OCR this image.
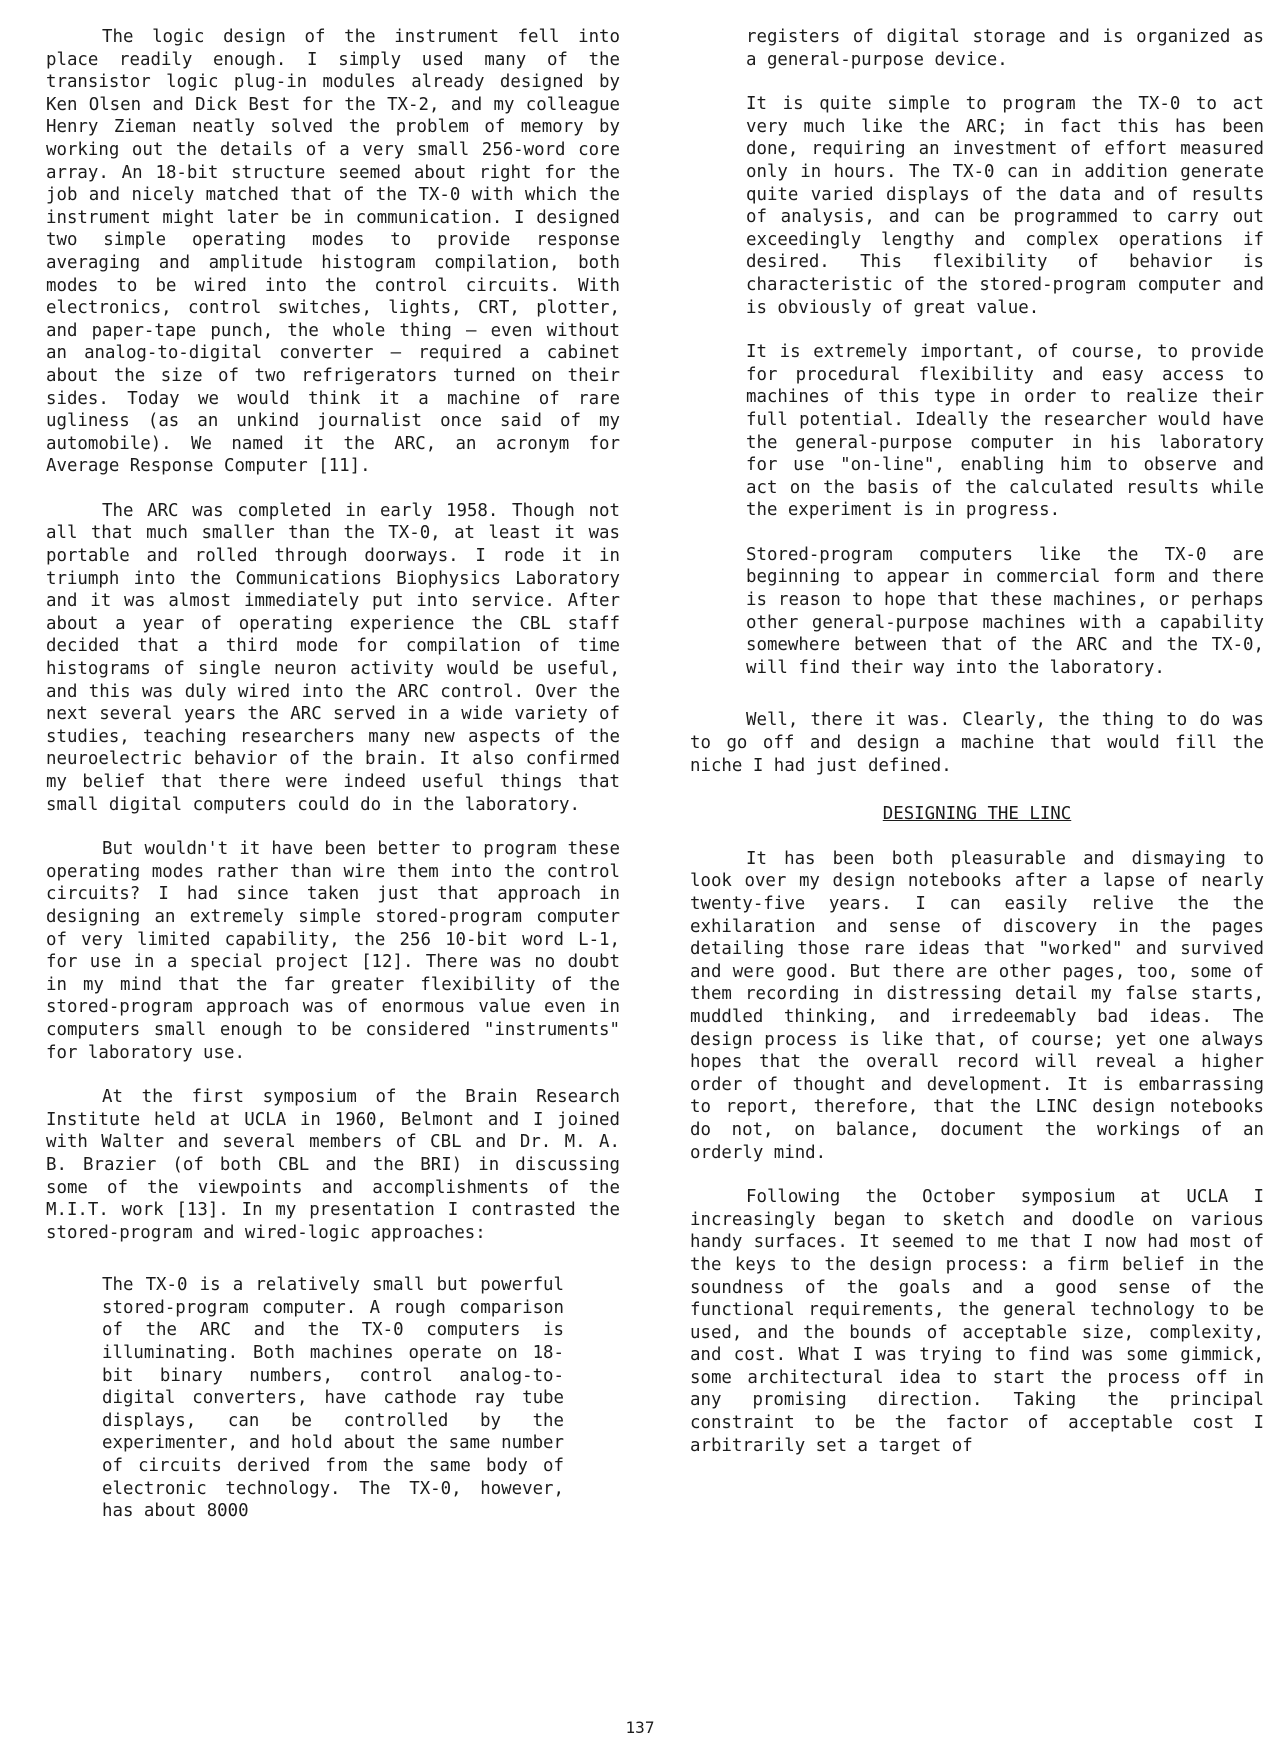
The logic design of the instrument fell into place readily enough. I simply used many of the transistor logic plug-in modules already designed by Ken Olsen and Dick Best for the TX-2, and my colleague Henry Zieman neatly solved the problem of memory by working out the details of a very small 256-word core array. An 18-bit structure seemed about right for the job and nicely matched that of the TX-0 with which the instrument might later be in communication. I designed two simple operating modes to provide response averaging and amplitude histogram compilation, both modes to be wired into the control circuits. With electronics, control switches, lights, CRT, plotter, and paper-tape punch, the whole thing — even without an analog-to-digital converter — required a cabinet about the size of two refrigerators turned on their sides. Today we would think it a machine of rare ugliness (as an unkind journalist once said of my automobile). We named it the ARC, an acronym for Average Response Computer [11].

The ARC was completed in early 1958. Though not all that much smaller than the TX-0, at least it was portable and rolled through doorways. I rode it in triumph into the Communications Biophysics Laboratory and it was almost immediately put into service. After about a year of operating experience the CBL staff decided that a third mode for compilation of time histograms of single neuron activity would be useful, and this was duly wired into the ARC control. Over the next several years the ARC served in a wide variety of studies, teaching researchers many new aspects of the neuroelectric behavior of the brain. It also confirmed my belief that there were indeed useful things that small digital computers could do in the laboratory.

But wouldn't it have been better to program these operating modes rather than wire them into the control circuits? I had since taken just that approach in designing an extremely simple stored-program computer of very limited capability, the 256 10-bit word L-1, for use in a special project [12]. There was no doubt in my mind that the far greater flexibility of the stored-program approach was of enormous value even in computers small enough to be considered "instruments" for laboratory use.

At the first symposium of the Brain Research Institute held at UCLA in 1960, Belmont and I joined with Walter and several members of CBL and Dr. M. A. B. Brazier (of both CBL and the BRI) in discussing some of the viewpoints and accomplishments of the M.I.T. work [13]. In my presentation I contrasted the stored-program and wired-logic approaches:

The TX-0 is a relatively small but powerful stored-program computer. A rough comparison of the ARC and the TX-0 computers is illuminating. Both machines operate on 18-bit binary numbers, control analog-to-digital converters, have cathode ray tube displays, can be controlled by the experimenter, and hold about the same number of circuits derived from the same body of electronic technology. The TX-0, however, has about 8000

registers of digital storage and is organized as a general-purpose device.

It is quite simple to program the TX-0 to act very much like the ARC; in fact this has been done, requiring an investment of effort measured only in hours. The TX-0 can in addition generate quite varied displays of the data and of results of analysis, and can be programmed to carry out exceedingly lengthy and complex operations if desired. This flexibility of behavior is characteristic of the stored-program computer and is obviously of great value.

It is extremely important, of course, to provide for procedural flexibility and easy access to machines of this type in order to realize their full potential. Ideally the researcher would have the general-purpose computer in his laboratory for use "on-line", enabling him to observe and act on the basis of the calculated results while the experiment is in progress.

Stored-program computers like the TX-0 are beginning to appear in commercial form and there is reason to hope that these machines, or perhaps other general-purpose machines with a capability somewhere between that of the ARC and the TX-0, will find their way into the laboratory.

Well, there it was. Clearly, the thing to do was to go off and design a machine that would fill the niche I had just defined.

DESIGNING THE LINC

It has been both pleasurable and dismaying to look over my design notebooks after a lapse of nearly twenty-five years. I can easily relive the the exhilaration and sense of discovery in the pages detailing those rare ideas that "worked" and survived and were good. But there are other pages, too, some of them recording in distressing detail my false starts, muddled thinking, and irredeemably bad ideas. The design process is like that, of course; yet one always hopes that the overall record will reveal a higher order of thought and development. It is embarrassing to report, therefore, that the LINC design notebooks do not, on balance, document the workings of an orderly mind.

Following the October symposium at UCLA I increasingly began to sketch and doodle on various handy surfaces. It seemed to me that I now had most of the keys to the design process: a firm belief in the soundness of the goals and a good sense of the functional requirements, the general technology to be used, and the bounds of acceptable size, complexity, and cost. What I was trying to find was some gimmick, some architectural idea to start the process off in any promising direction. Taking the principal constraint to be the factor of acceptable cost I arbitrarily set a target of

137
